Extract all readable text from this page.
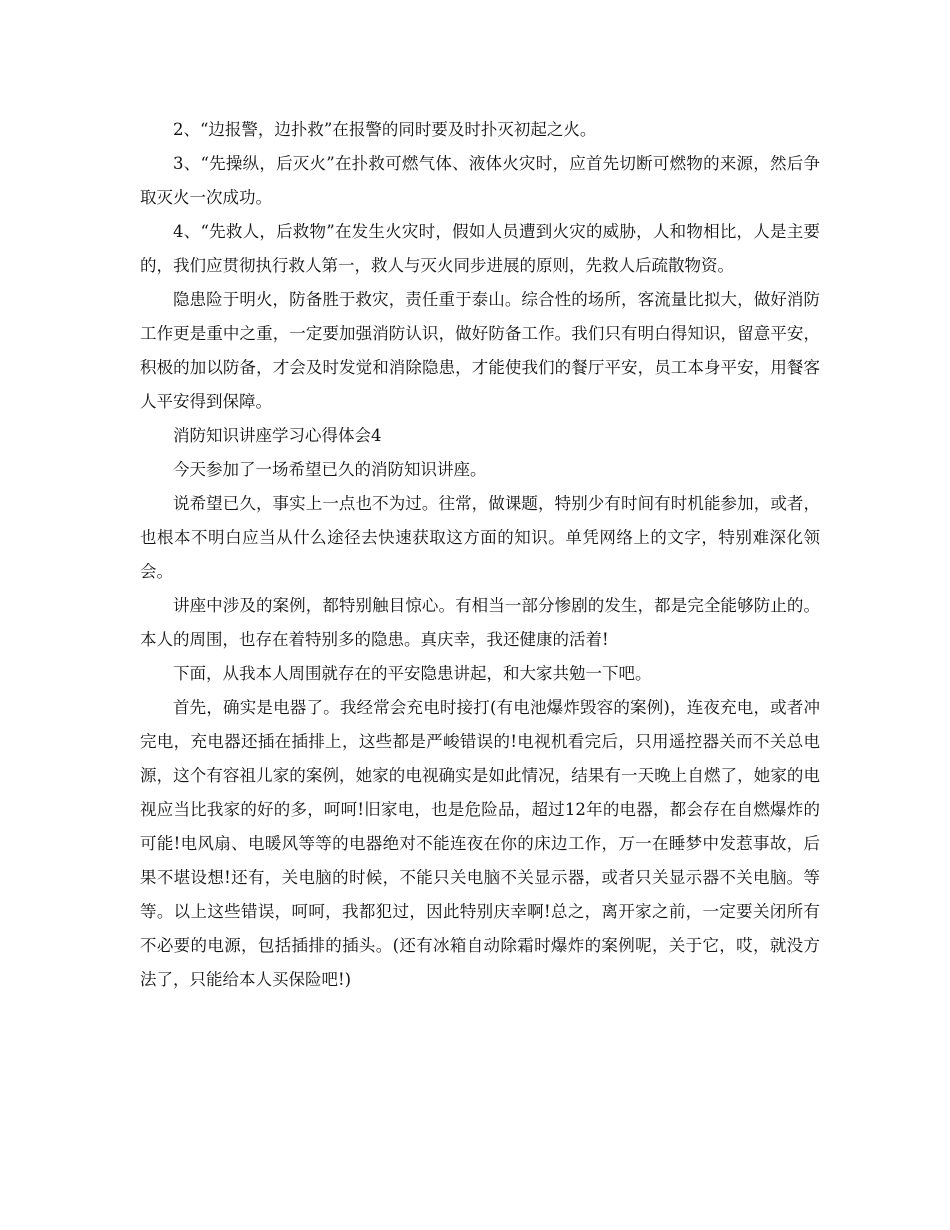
2、“边报警，边扑救”在报警的同时要及时扑灭初起之火。

3、“先操纵，后灭火”在扑救可燃气体、液体火灾时，应首先切断可燃物的来源，然后争取灭火一次成功。

4、“先救人，后救物”在发生火灾时，假如人员遭到火灾的威胁，人和物相比，人是主要的，我们应贯彻执行救人第一，救人与灭火同步进展的原则，先救人后疏散物资。

隐患险于明火，防备胜于救灾，责任重于泰山。综合性的场所，客流量比拟大，做好消防工作更是重中之重，一定要加强消防认识，做好防备工作。我们只有明白得知识，留意平安，积极的加以防备，才会及时发觉和消除隐患，才能使我们的餐厅平安，员工本身平安，用餐客人平安得到保障。

消防知识讲座学习心得体会4

今天参加了一场希望已久的消防知识讲座。

说希望已久，事实上一点也不为过。往常，做课题，特别少有时间有时机能参加，或者，也根本不明白应当从什么途径去快速获取这方面的知识。单凭网络上的文字，特别难深化领会。

讲座中涉及的案例，都特别触目惊心。有相当一部分惨剧的发生，都是完全能够防止的。本人的周围，也存在着特别多的隐患。真庆幸，我还健康的活着!

下面，从我本人周围就存在的平安隐患讲起，和大家共勉一下吧。

首先，确实是电器了。我经常会充电时接打(有电池爆炸毁容的案例)，连夜充电，或者冲完电，充电器还插在插排上，这些都是严峻错误的!电视机看完后，只用遥控器关而不关总电源，这个有容祖儿家的案例，她家的电视确实是如此情况，结果有一天晚上自燃了，她家的电视应当比我家的好的多，呵呵!旧家电，也是危险品，超过12年的电器，都会存在自燃爆炸的可能!电风扇、电暖风等等的电器绝对不能连夜在你的床边工作，万一在睡梦中发惹事故，后果不堪设想!还有，关电脑的时候，不能只关电脑不关显示器，或者只关显示器不关电脑。等等。以上这些错误，呵呵，我都犯过，因此特别庆幸啊!总之，离开家之前，一定要关闭所有不必要的电源，包括插排的插头。(还有冰箱自动除霜时爆炸的案例呢，关于它，哎，就没方法了，只能给本人买保险吧!)
